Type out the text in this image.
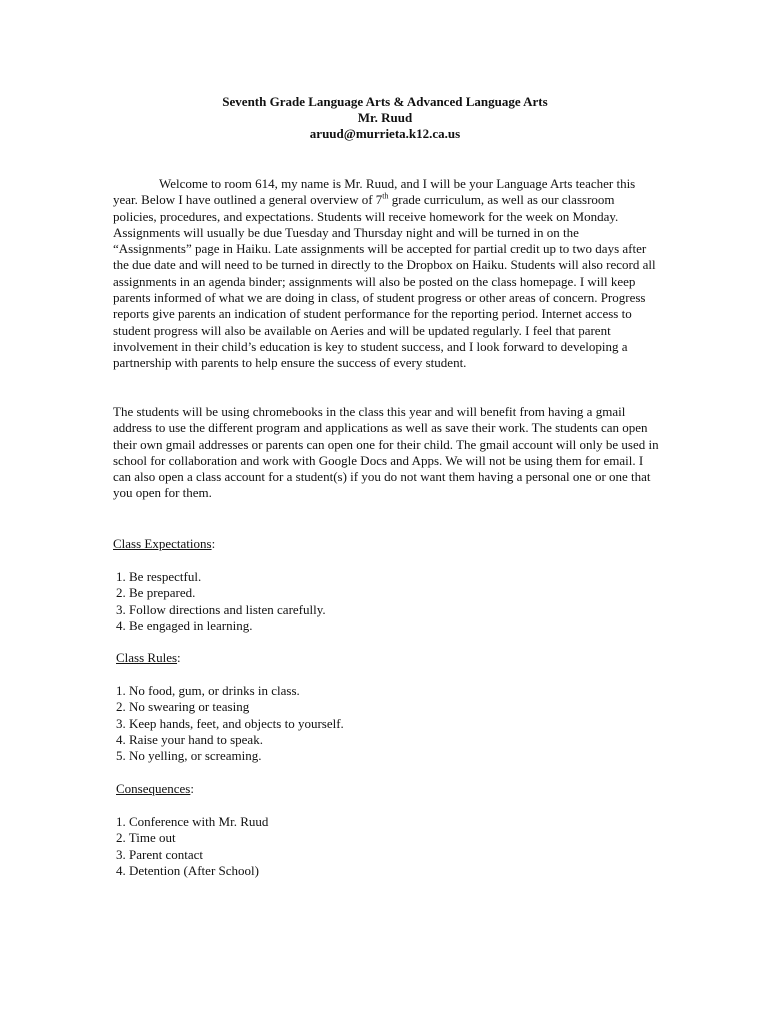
Seventh Grade Language Arts & Advanced Language Arts
Mr. Ruud
aruud@murrieta.k12.ca.us

Welcome to room 614, my name is Mr. Ruud, and I will be your Language Arts teacher this year. Below I have outlined a general overview of 7th grade curriculum, as well as our classroom policies, procedures, and expectations. Students will receive homework for the week on Monday. Assignments will usually be due Tuesday and Thursday night and will be turned in on the “Assignments” page in Haiku. Late assignments will be accepted for partial credit up to two days after the due date and will need to be turned in directly to the Dropbox on Haiku. Students will also record all assignments in an agenda binder; assignments will also be posted on the class homepage. I will keep parents informed of what we are doing in class, of student progress or other areas of concern. Progress reports give parents an indication of student performance for the reporting period. Internet access to student progress will also be available on Aeries and will be updated regularly. I feel that parent involvement in their child’s education is key to student success, and I look forward to developing a partnership with parents to help ensure the success of every student.

The students will be using chromebooks in the class this year and will benefit from having a gmail address to use the different program and applications as well as save their work. The students can open their own gmail addresses or parents can open one for their child. The gmail account will only be used in school for collaboration and work with Google Docs and Apps. We will not be using them for email. I can also open a class account for a student(s) if you do not want them having a personal one or one that you open for them.

Class Expectations:
1. Be respectful.
2. Be prepared.
3. Follow directions and listen carefully.
4. Be engaged in learning.
Class Rules:
1. No food, gum, or drinks in class.
2. No swearing or teasing
3. Keep hands, feet, and objects to yourself.
4. Raise your hand to speak.
5. No yelling, or screaming.
Consequences:
1. Conference with Mr. Ruud
2. Time out
3. Parent contact
4. Detention (After School)
